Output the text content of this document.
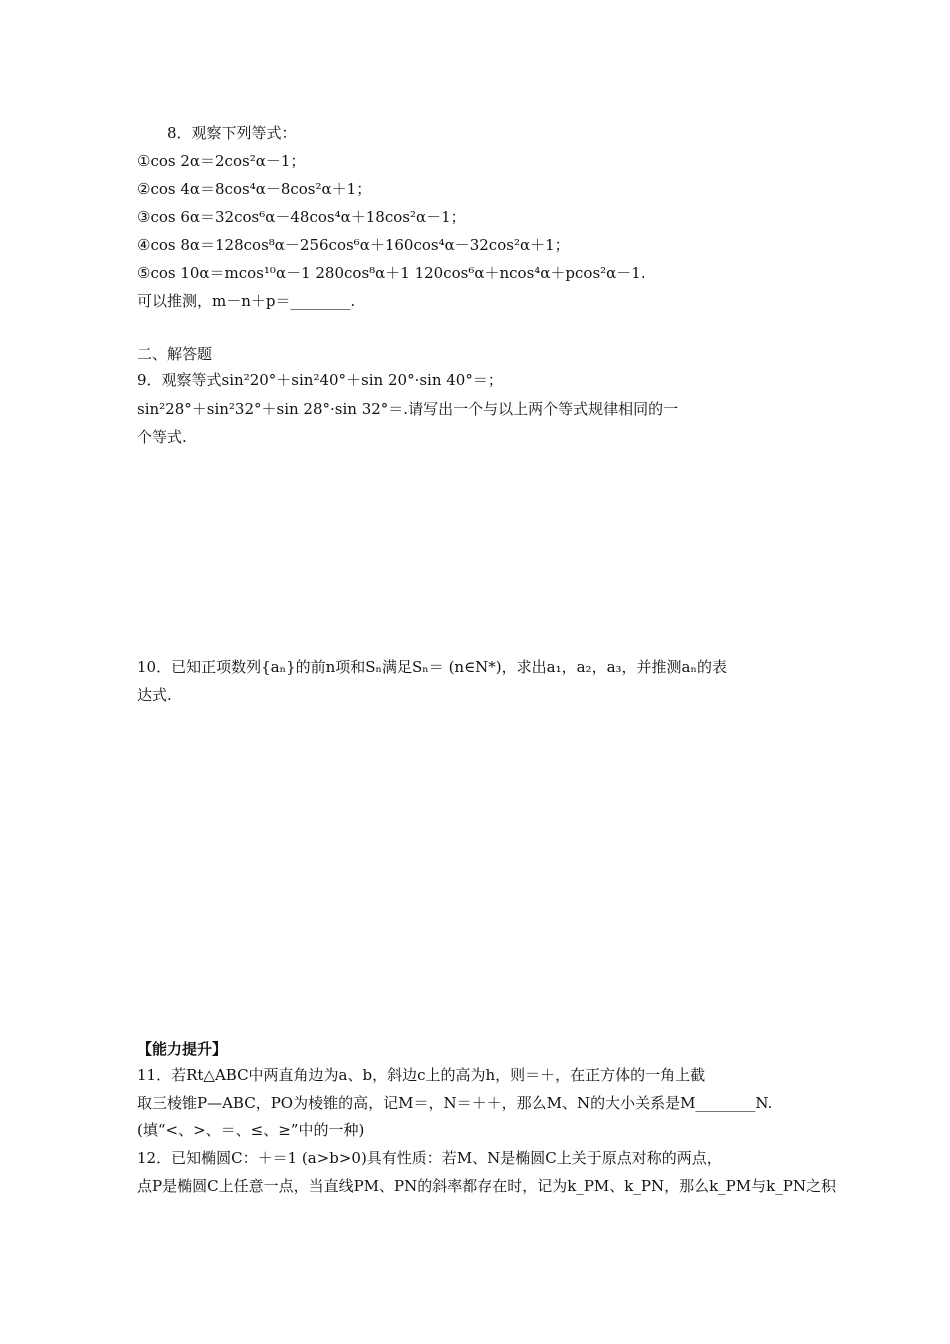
8．观察下列等式：
①cos 2α＝2cos²α－1；
②cos 4α＝8cos⁴α－8cos²α＋1；
③cos 6α＝32cos⁶α－48cos⁴α＋18cos²α－1；
④cos 8α＝128cos⁸α－256cos⁶α＋160cos⁴α－32cos²α＋1；
⑤cos 10α＝mcos¹⁰α－1 280cos⁸α＋1 120cos⁶α＋ncos⁴α＋pcos²α－1.
可以推测，m－n＋p＝________.
二、解答题
9．观察等式sin²20°＋sin²40°＋sin 20°·sin 40°＝；
sin²28°＋sin²32°＋sin 28°·sin 32°＝.请写出一个与以上两个等式规律相同的一
个等式.
10．已知正项数列{aₙ}的前n项和Sₙ满足Sₙ＝ (n∈N*)，求出a₁，a₂，a₃，并推测aₙ的表
达式.
【能力提升】
11．若Rt△ABC中两直角边为a、b，斜边c上的高为h，则＝＋，在正方体的一角上截
取三棱锥P—ABC，PO为棱锥的高，记M＝，N＝＋＋，那么M、N的大小关系是M________N.
(填“<、>、＝、≤、≥”中的一种)
12．已知椭圆C：＋＝1 (a>b>0)具有性质：若M、N是椭圆C上关于原点对称的两点，
点P是椭圆C上任意一点，当直线PM、PN的斜率都存在时，记为k_PM、k_PN，那么k_PM与k_PN之积
